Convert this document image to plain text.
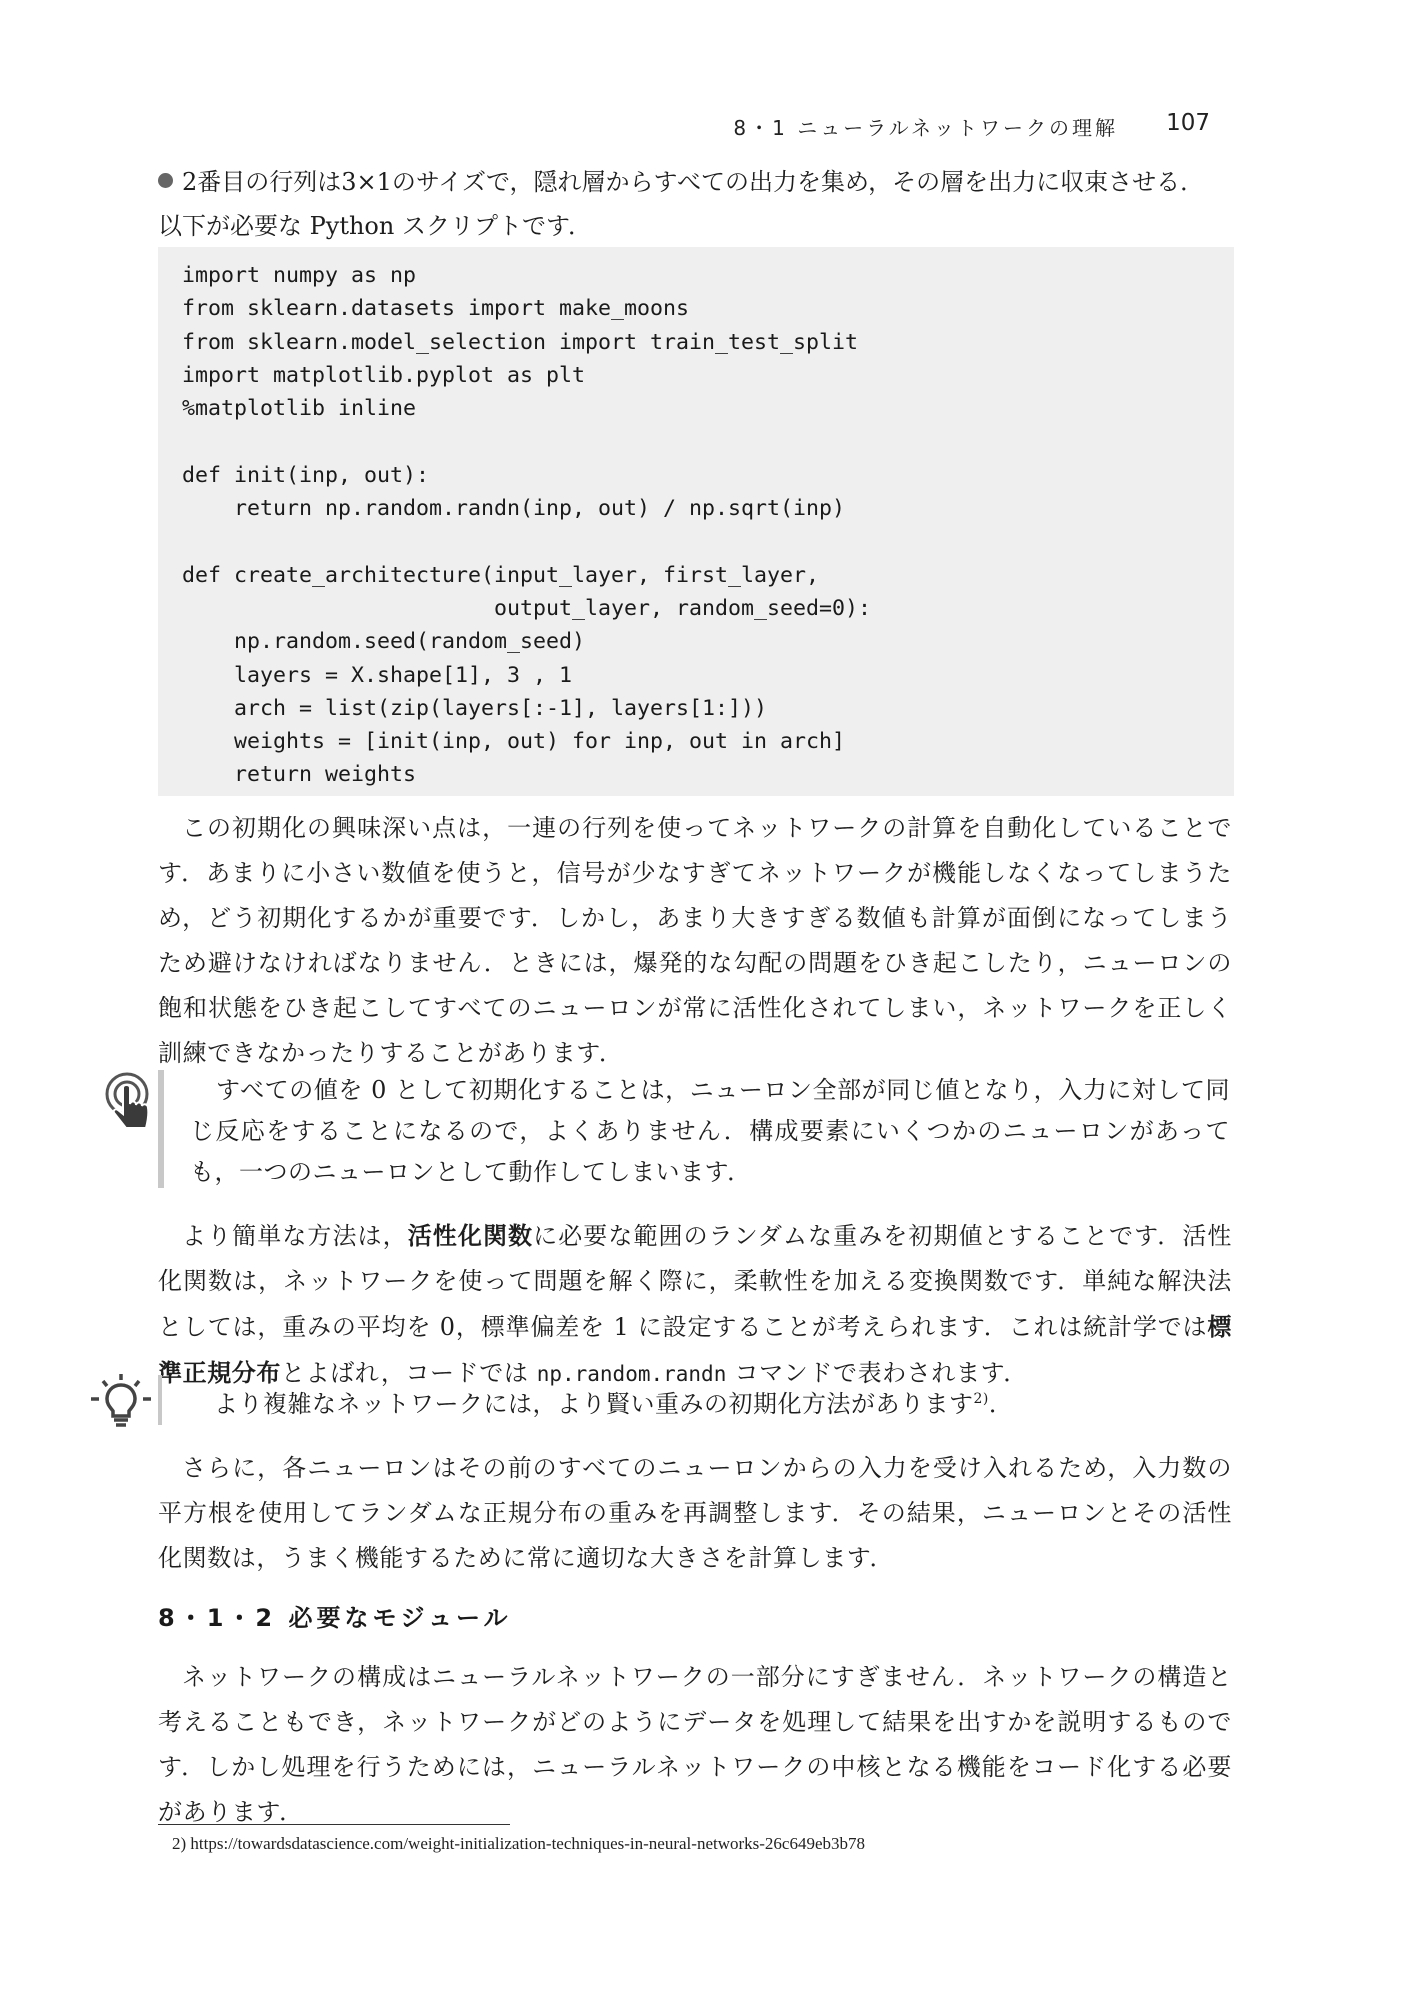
8・1 ニューラルネットワークの理解 107
2番目の行列は3×1のサイズで，隠れ層からすべての出力を集め，その層を出力に収束させる．
以下が必要な Python スクリプトです．
import numpy as np
from sklearn.datasets import make_moons
from sklearn.model_selection import train_test_split
import matplotlib.pyplot as plt
%matplotlib inline
def init(inp, out):
return np.random.randn(inp, out) / np.sqrt(inp)
def create_architecture(input_layer, first_layer,
output_layer, random_seed=0):
np.random.seed(random_seed)
layers = X.shape[1], 3 , 1
arch = list(zip(layers[:-1], layers[1:]))
weights = [init(inp, out) for inp, out in arch]
return weights
この初期化の興味深い点は，一連の行列を使ってネットワークの計算を自動化していることです．あまりに小さい数値を使うと，信号が少なすぎてネットワークが機能しなくなってしまうため，どう初期化するかが重要です．しかし，あまり大きすぎる数値も計算が面倒になってしまうため避けなければなりません．ときには，爆発的な勾配の問題をひき起こしたり，ニューロンの飽和状態をひき起こしてすべてのニューロンが常に活性化されてしまい，ネットワークを正しく訓練できなかったりすることがあります．
すべての値を 0 として初期化することは，ニューロン全部が同じ値となり，入力に対して同じ反応をすることになるので，よくありません．構成要素にいくつかのニューロンがあっても，一つのニューロンとして動作してしまいます．
より簡単な方法は，活性化関数に必要な範囲のランダムな重みを初期値とすることです．活性化関数は，ネットワークを使って問題を解く際に，柔軟性を加える変換関数です．単純な解決法としては，重みの平均を 0，標準偏差を 1 に設定することが考えられます．これは統計学では標準正規分布とよばれ，コードでは np.random.randn コマンドで表わされます．
より複雑なネットワークには，より賢い重みの初期化方法があります$^{2)}$．
さらに，各ニューロンはその前のすべてのニューロンからの入力を受け入れるため，入力数の平方根を使用してランダムな正規分布の重みを再調整します．その結果，ニューロンとその活性化関数は，うまく機能するために常に適切な大きさを計算します．
8・1・2 必要なモジュール
ネットワークの構成はニューラルネットワークの一部分にすぎません．ネットワークの構造と考えることもでき，ネットワークがどのようにデータを処理して結果を出すかを説明するものです．しかし処理を行うためには，ニューラルネットワークの中核となる機能をコード化する必要があります．
2) https://towardsdatascience.com/weight-initialization-techniques-in-neural-networks-26c649eb3b78
